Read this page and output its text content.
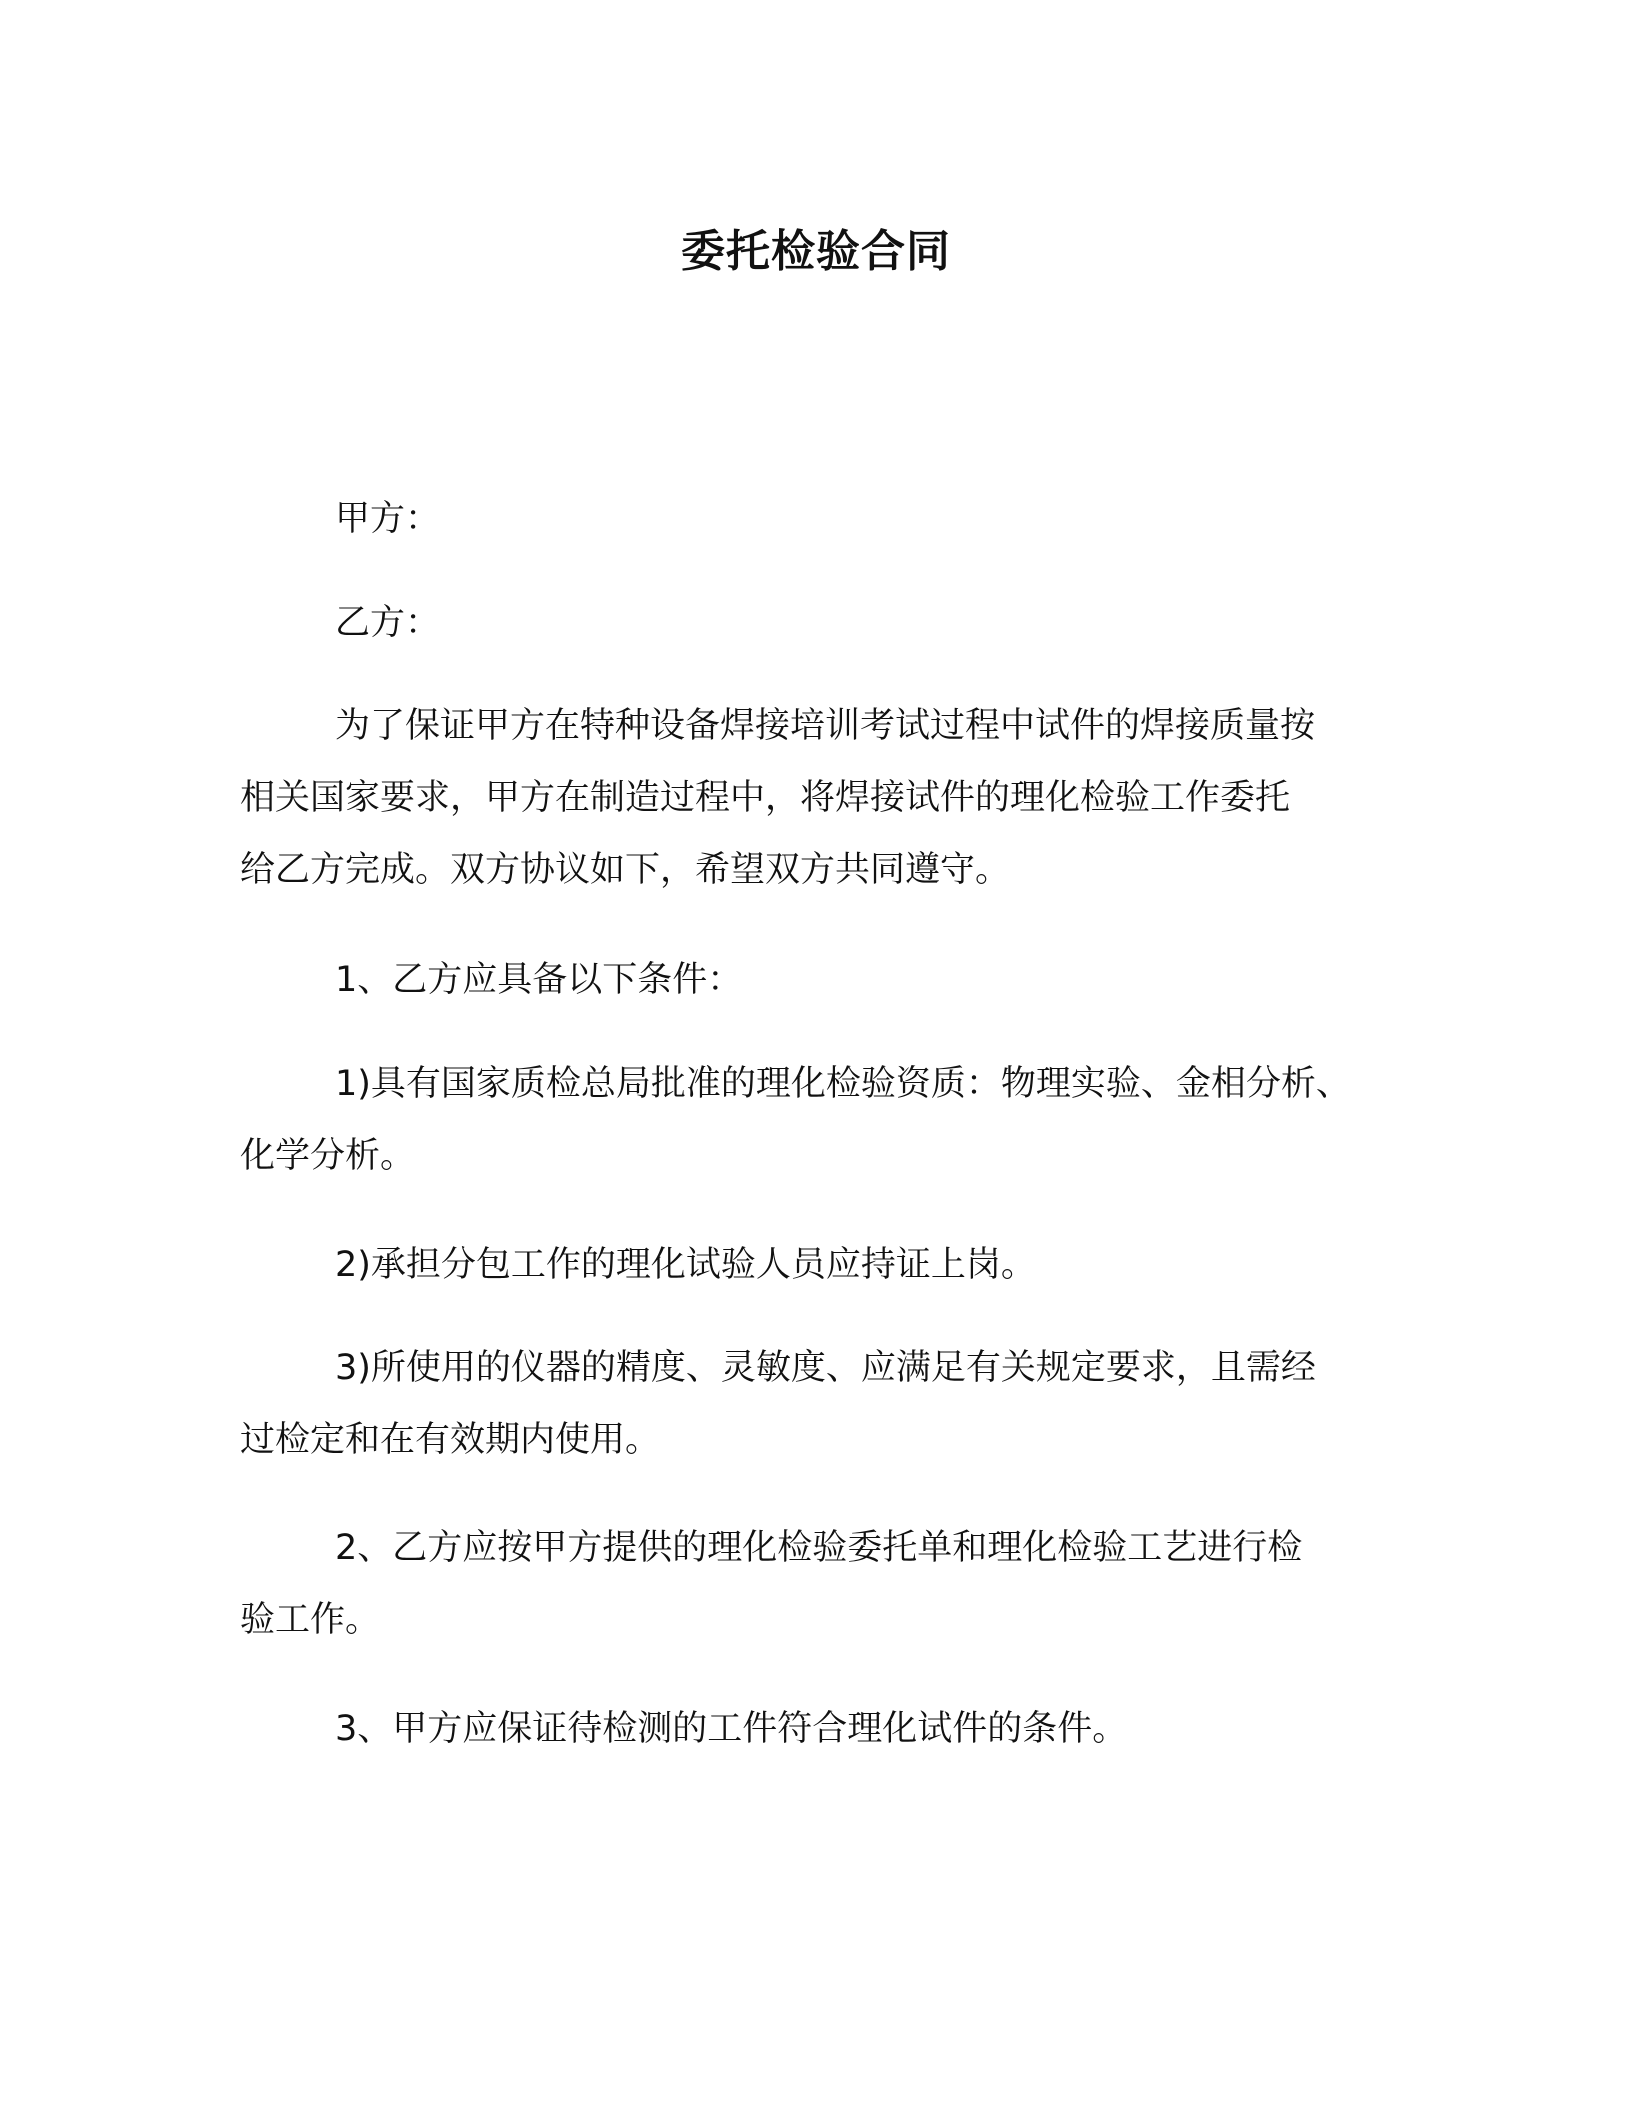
委托检验合同
甲方：
乙方：
为了保证甲方在特种设备焊接培训考试过程中试件的焊接质量按
相关国家要求，甲方在制造过程中，将焊接试件的理化检验工作委托
给乙方完成。双方协议如下，希望双方共同遵守。
1、乙方应具备以下条件：
1)具有国家质检总局批准的理化检验资质：物理实验、金相分析、
化学分析。
2)承担分包工作的理化试验人员应持证上岗。
3)所使用的仪器的精度、灵敏度、应满足有关规定要求，且需经
过检定和在有效期内使用。
2、乙方应按甲方提供的理化检验委托单和理化检验工艺进行检
验工作。
3、甲方应保证待检测的工件符合理化试件的条件。
